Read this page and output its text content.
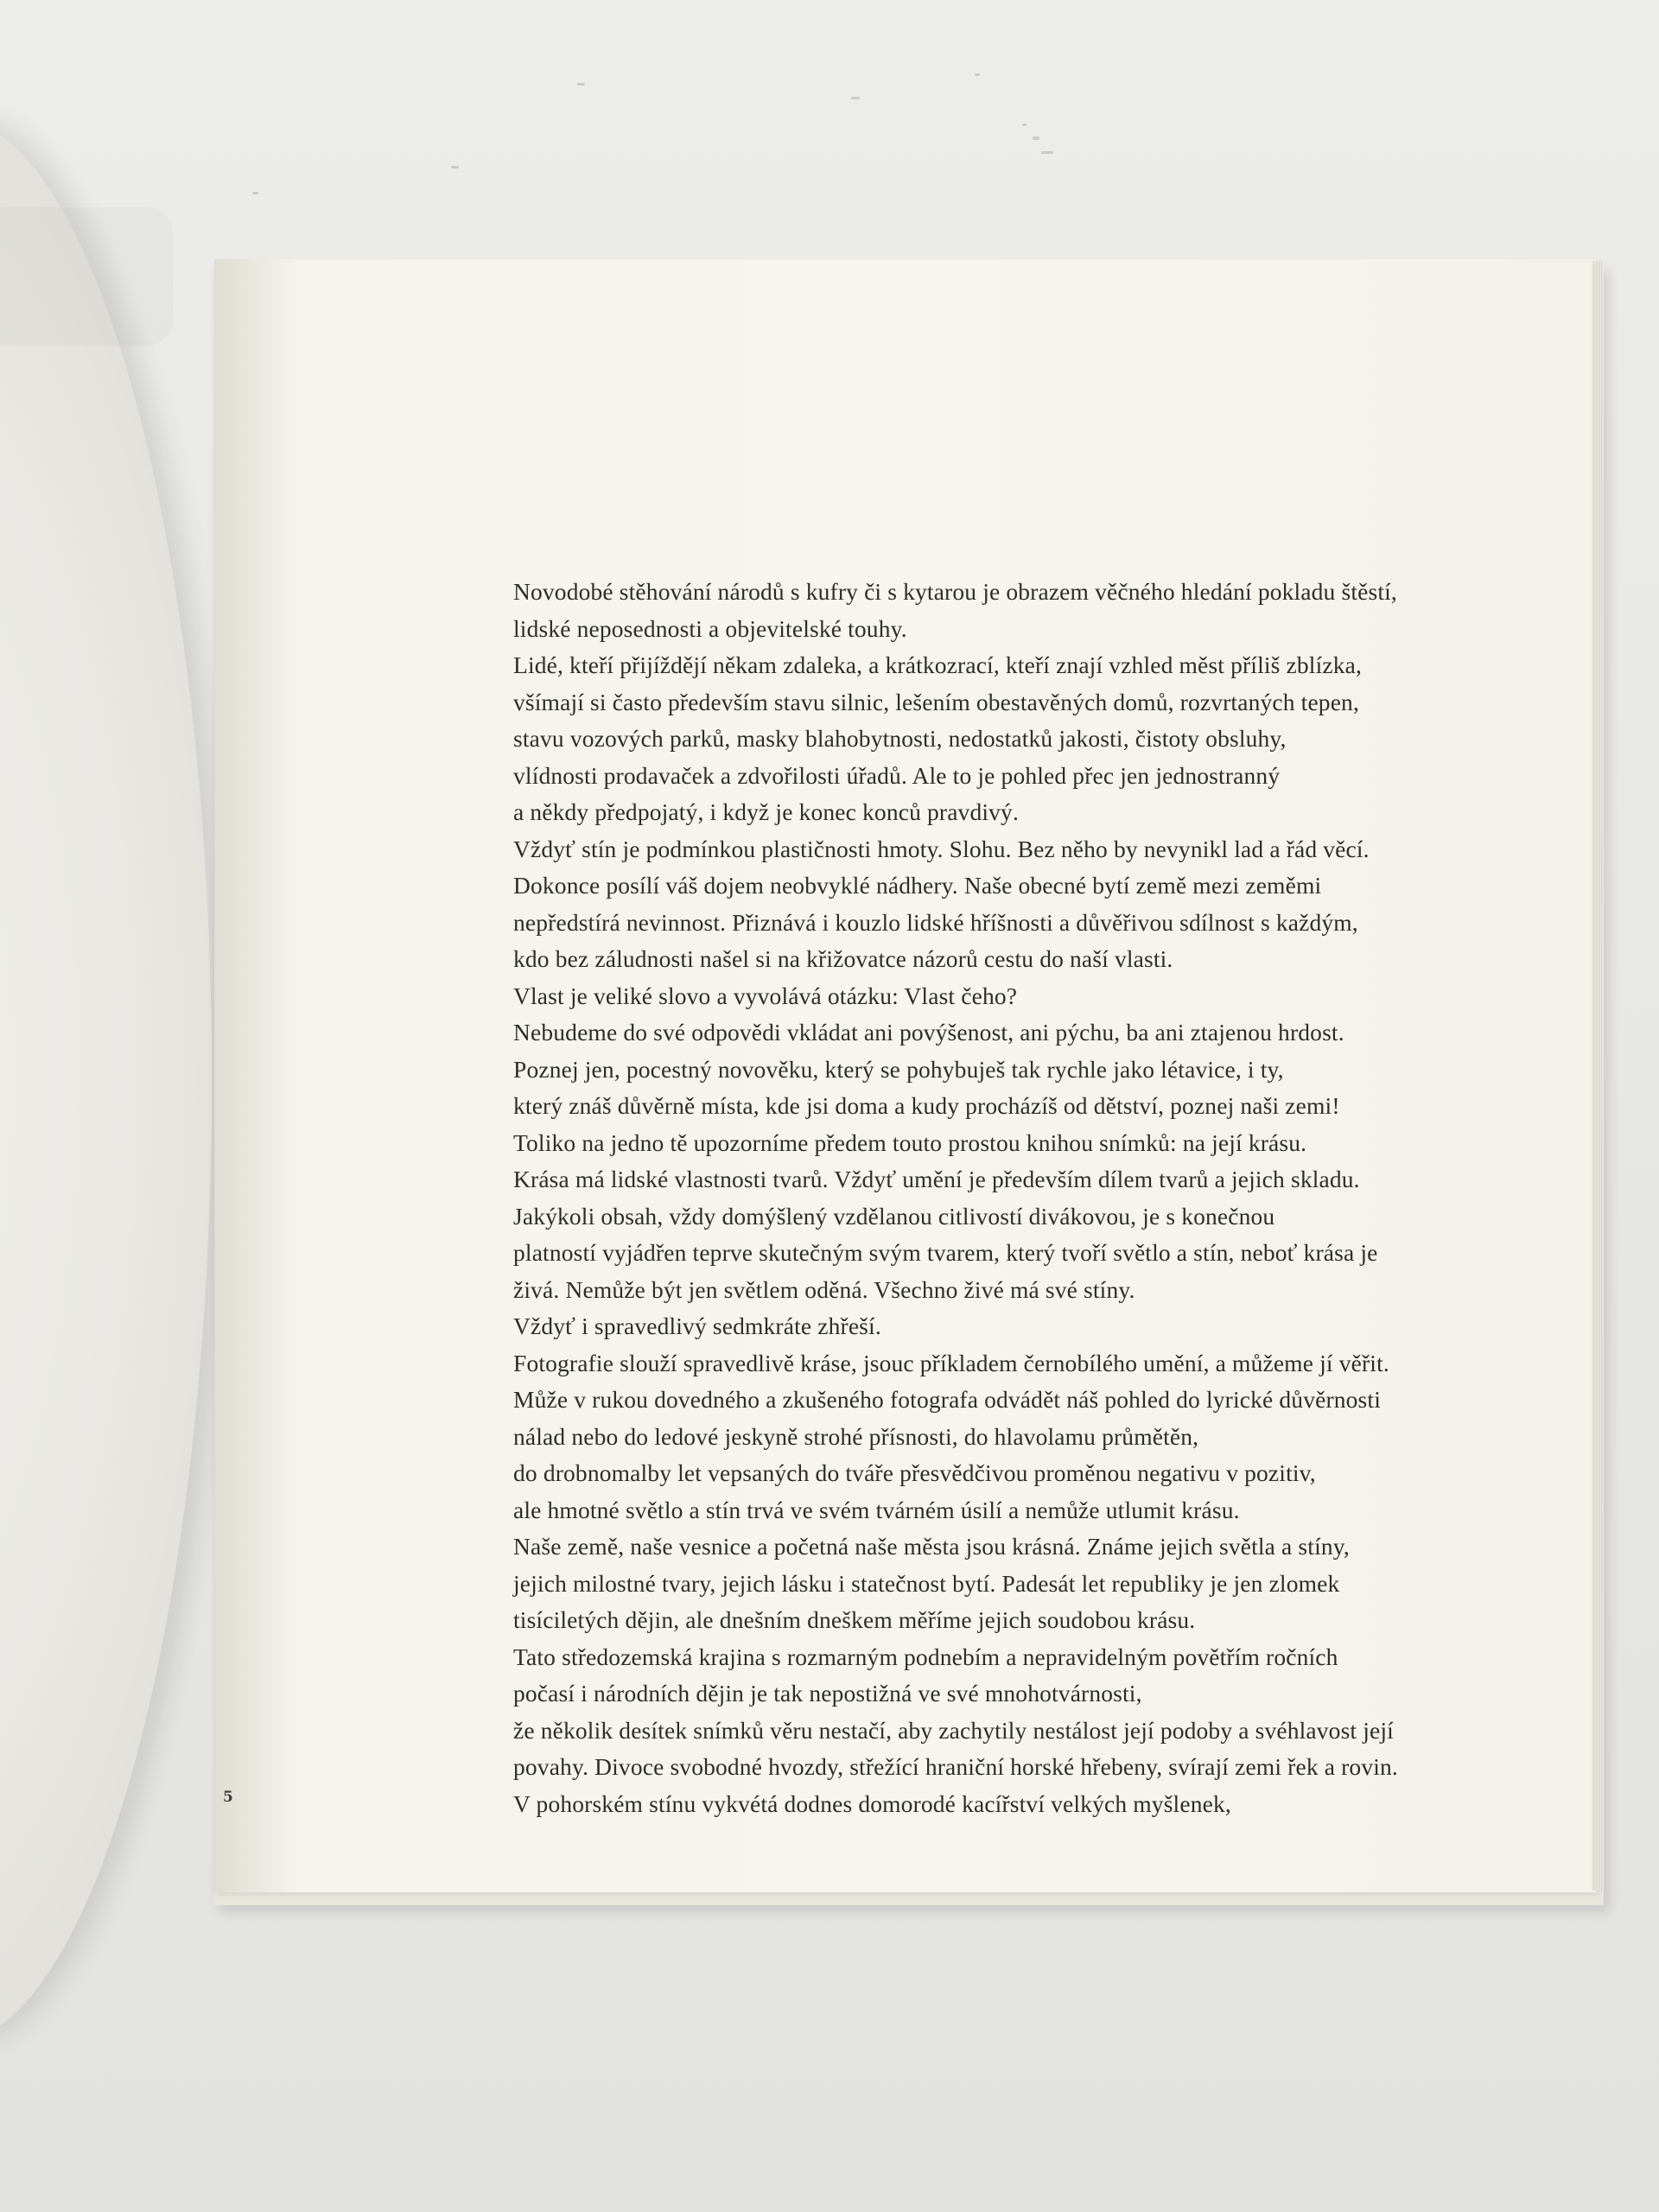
5
Novodobé stěhování národů s kufry či s kytarou je obrazem věčného hledání pokladu štěstí,
lidské neposednosti a objevitelské touhy.
Lidé, kteří přijíždějí někam zdaleka, a krátkozrací, kteří znají vzhled měst příliš zblízka,
všímají si často především stavu silnic, lešením obestavěných domů, rozvrtaných tepen,
stavu vozových parků, masky blahobytnosti, nedostatků jakosti, čistoty obsluhy,
vlídnosti prodavaček a zdvořilosti úřadů. Ale to je pohled přec jen jednostranný
a někdy předpojatý, i když je konec konců pravdivý.
Vždyť stín je podmínkou plastičnosti hmoty. Slohu. Bez něho by nevynikl lad a řád věcí.
Dokonce posílí váš dojem neobvyklé nádhery. Naše obecné bytí země mezi zeměmi
nepředstírá nevinnost. Přiznává i kouzlo lidské hříšnosti a důvěřivou sdílnost s každým,
kdo bez záludnosti našel si na křižovatce názorů cestu do naší vlasti.
Vlast je veliké slovo a vyvolává otázku: Vlast čeho?
Nebudeme do své odpovědi vkládat ani povýšenost, ani pýchu, ba ani ztajenou hrdost.
Poznej jen, pocestný novověku, který se pohybuješ tak rychle jako létavice, i ty,
který znáš důvěrně místa, kde jsi doma a kudy procházíš od dětství, poznej naši zemi!
Toliko na jedno tě upozorníme předem touto prostou knihou snímků: na její krásu.
Krása má lidské vlastnosti tvarů. Vždyť umění je především dílem tvarů a jejich skladu.
Jakýkoli obsah, vždy domýšlený vzdělanou citlivostí divákovou, je s konečnou
platností vyjádřen teprve skutečným svým tvarem, který tvoří světlo a stín, neboť krása je
živá. Nemůže být jen světlem oděná. Všechno živé má své stíny.
Vždyť i spravedlivý sedmkráte zhřeší.
Fotografie slouží spravedlivě kráse, jsouc příkladem černobílého umění, a můžeme jí věřit.
Může v rukou dovedného a zkušeného fotografa odvádět náš pohled do lyrické důvěrnosti
nálad nebo do ledové jeskyně strohé přísnosti, do hlavolamu průmětěn,
do drobnomalby let vepsaných do tváře přesvědčivou proměnou negativu v pozitiv,
ale hmotné světlo a stín trvá ve svém tvárném úsilí a nemůže utlumit krásu.
Naše země, naše vesnice a početná naše města jsou krásná. Známe jejich světla a stíny,
jejich milostné tvary, jejich lásku i statečnost bytí. Padesát let republiky je jen zlomek
tisíciletých dějin, ale dnešním dneškem měříme jejich soudobou krásu.
Tato středozemská krajina s rozmarným podnebím a nepravidelným povětřím ročních
počasí i národních dějin je tak nepostižná ve své mnohotvárnosti,
že několik desítek snímků věru nestačí, aby zachytily nestálost její podoby a svéhlavost její
povahy. Divoce svobodné hvozdy, střežící hraniční horské hřebeny, svírají zemi řek a rovin.
V pohorském stínu vykvétá dodnes domorodé kacířství velkých myšlenek,
